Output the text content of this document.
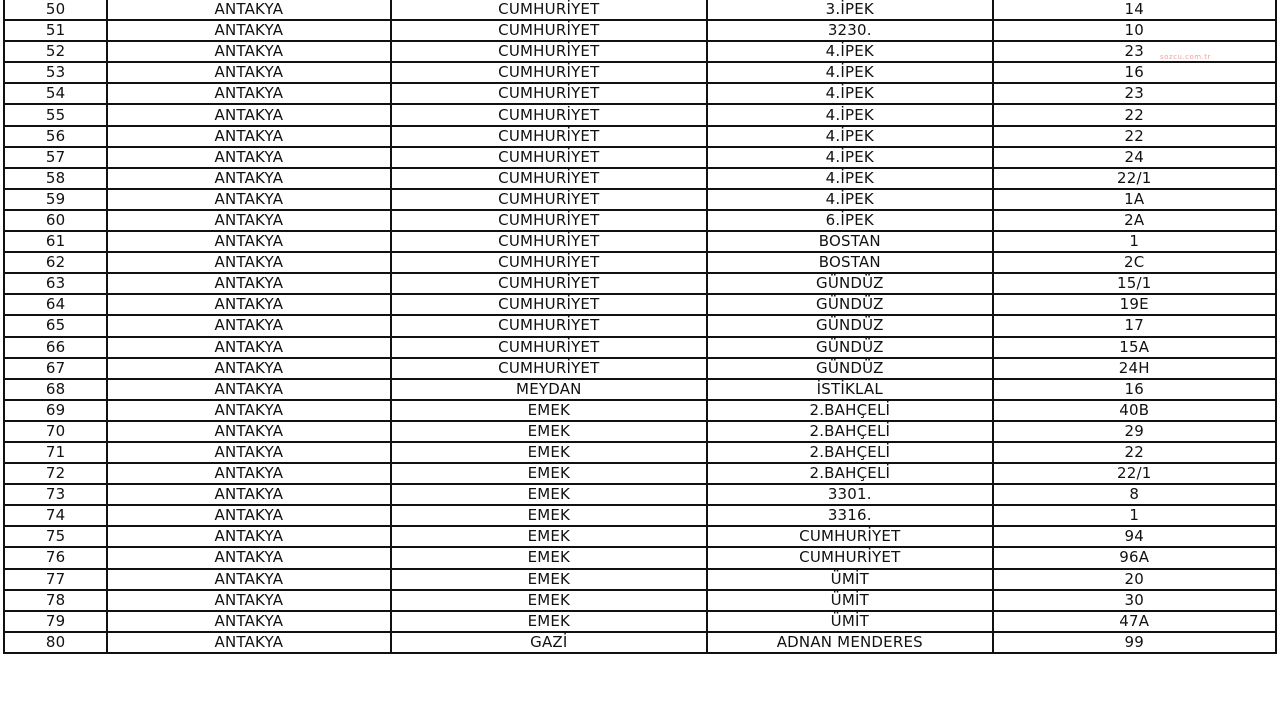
50	ANTAKYA	CUMHURİYET	3.İPEK	14
51	ANTAKYA	CUMHURİYET	3230.	10
52	ANTAKYA	CUMHURİYET	4.İPEK	23
53	ANTAKYA	CUMHURİYET	4.İPEK	16
54	ANTAKYA	CUMHURİYET	4.İPEK	23
55	ANTAKYA	CUMHURİYET	4.İPEK	22
56	ANTAKYA	CUMHURİYET	4.İPEK	22
57	ANTAKYA	CUMHURİYET	4.İPEK	24
58	ANTAKYA	CUMHURİYET	4.İPEK	22/1
59	ANTAKYA	CUMHURİYET	4.İPEK	1A
60	ANTAKYA	CUMHURİYET	6.İPEK	2A
61	ANTAKYA	CUMHURİYET	BOSTAN	1
62	ANTAKYA	CUMHURİYET	BOSTAN	2C
63	ANTAKYA	CUMHURİYET	GÜNDÜZ	15/1
64	ANTAKYA	CUMHURİYET	GÜNDÜZ	19E
65	ANTAKYA	CUMHURİYET	GÜNDÜZ	17
66	ANTAKYA	CUMHURİYET	GÜNDÜZ	15A
67	ANTAKYA	CUMHURİYET	GÜNDÜZ	24H
68	ANTAKYA	MEYDAN	İSTİKLAL	16
69	ANTAKYA	EMEK	2.BAHÇELİ	40B
70	ANTAKYA	EMEK	2.BAHÇELİ	29
71	ANTAKYA	EMEK	2.BAHÇELİ	22
72	ANTAKYA	EMEK	2.BAHÇELİ	22/1
73	ANTAKYA	EMEK	3301.	8
74	ANTAKYA	EMEK	3316.	1
75	ANTAKYA	EMEK	CUMHURİYET	94
76	ANTAKYA	EMEK	CUMHURİYET	96A
77	ANTAKYA	EMEK	ÜMİT	20
78	ANTAKYA	EMEK	ÜMİT	30
79	ANTAKYA	EMEK	ÜMİT	47A
80	ANTAKYA	GAZİ	ADNAN MENDERES	99
sozcu.com.tr
